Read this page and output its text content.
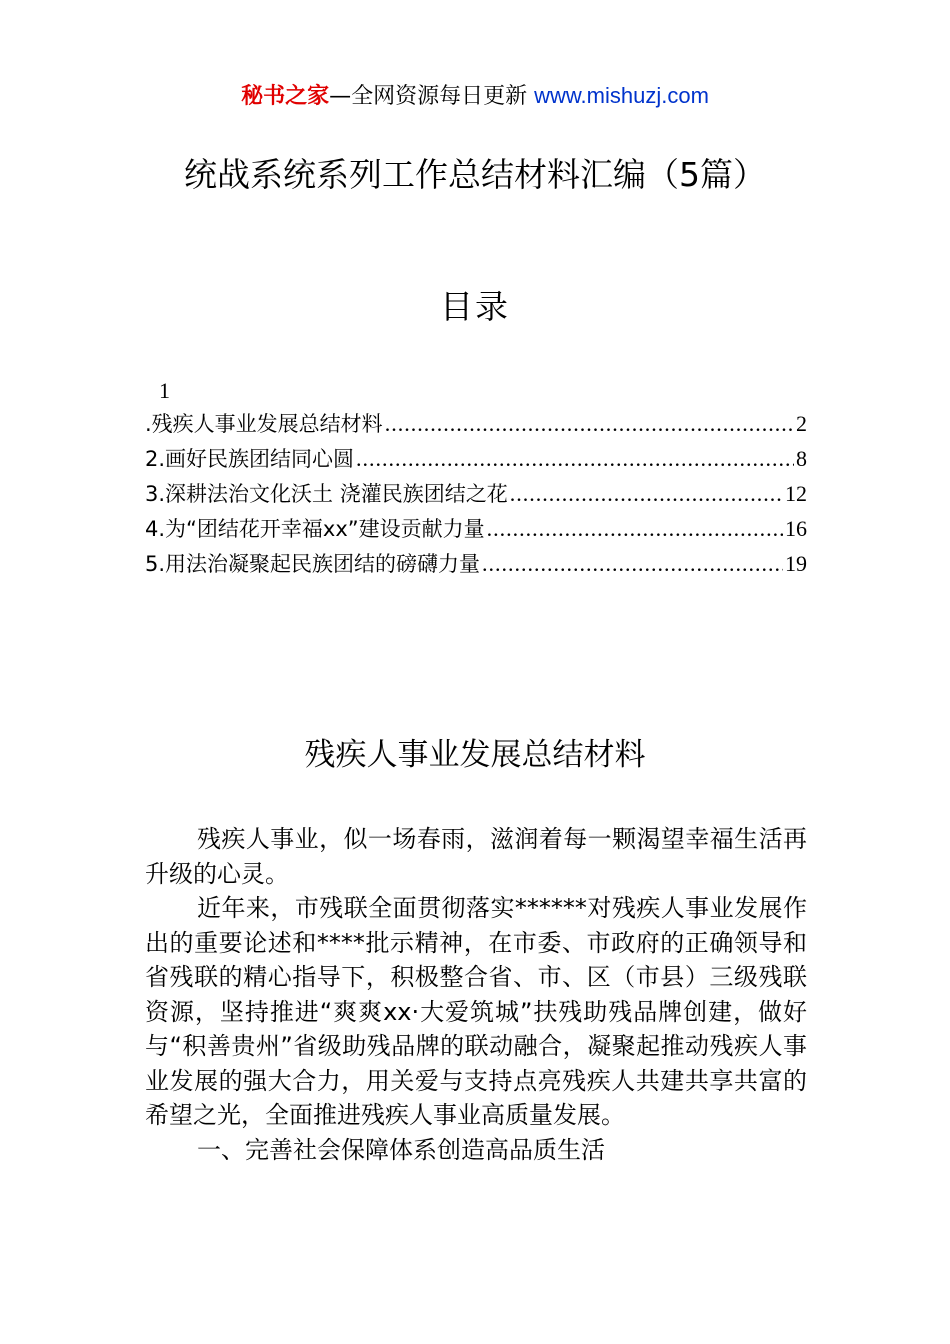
秘书之家—全网资源每日更新 www.mishuzj.com
统战系统系列工作总结材料汇编（5篇）
目录
1
.残疾人事业发展总结材料 .....	2
2.画好民族团结同心圆 .....	8
3.深耕法治文化沃土 浇灌民族团结之花 .....	12
4.为“团结花开幸福xx”建设贡献力量 .....	16
5.用法治凝聚起民族团结的磅礴力量 .....	19
残疾人事业发展总结材料

残疾人事业，似一场春雨，滋润着每一颗渴望幸福生活再升级的心灵。

近年来，市残联全面贯彻落实******对残疾人事业发展作出的重要论述和****批示精神，在市委、市政府的正确领导和省残联的精心指导下，积极整合省、市、区（市县）三级残联资源，坚持推进“爽爽xx·大爱筑城”扶残助残品牌创建，做好与“积善贵州”省级助残品牌的联动融合，凝聚起推动残疾人事业发展的强大合力，用关爱与支持点亮残疾人共建共享共富的希望之光，全面推进残疾人事业高质量发展。

一、完善社会保障体系创造高品质生活
